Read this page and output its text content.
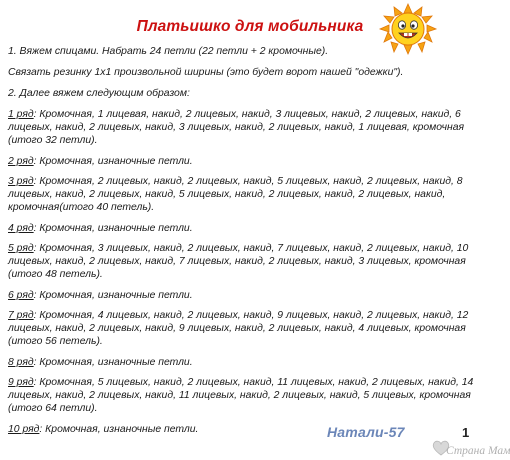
Платьишко для мобильника

1. Вяжем спицами. Набрать 24 петли (22 петли + 2 кромочные).

Связать резинку 1х1 произвольной ширины (это будет ворот нашей "одежки").

2. Далее вяжем следующим образом:

1 ряд: Кромочная, 1 лицевая, накид, 2 лицевых, накид, 3 лицевых, накид, 2 лицевых, накид, 6 лицевых, накид, 2 лицевых, накид, 3 лицевых, накид, 2 лицевых, накид, 1 лицевая, кромочная (итого 32 петли).

2 ряд: Кромочная, изнаночные петли.

3 ряд: Кромочная, 2 лицевых, накид, 2 лицевых, накид, 5 лицевых, накид, 2 лицевых, накид, 8 лицевых, накид, 2 лицевых, накид, 5 лицевых, накид, 2 лицевых, накид, 2 лицевых, накид, кромочная(итого 40 петель).

4 ряд: Кромочная, изнаночные петли.

5 ряд: Кромочная, 3 лицевых, накид, 2 лицевых, накид, 7 лицевых, накид, 2 лицевых, накид, 10 лицевых, накид, 2 лицевых, накид, 7 лицевых, накид, 2 лицевых, накид, 3 лицевых, кромочная (итого 48 петель).

6 ряд: Кромочная, изнаночные петли.

7 ряд: Кромочная, 4 лицевых, накид, 2 лицевых, накид, 9 лицевых, накид, 2 лицевых, накид, 12 лицевых, накид, 2 лицевых, накид, 9 лицевых, накид, 2 лицевых, накид, 4 лицевых, кромочная (итого 56 петель).

8 ряд: Кромочная, изнаночные петли.

9 ряд: Кромочная, 5 лицевых, накид, 2 лицевых, накид, 11 лицевых, накид, 2 лицевых, накид, 14 лицевых, накид, 2 лицевых, накид, 11 лицевых, накид, 2 лицевых, накид, 5 лицевых, кромочная (итого 64 петли).

10 ряд: Кромочная, изнаночные петли.	Натали-57	1
Страна Мам
